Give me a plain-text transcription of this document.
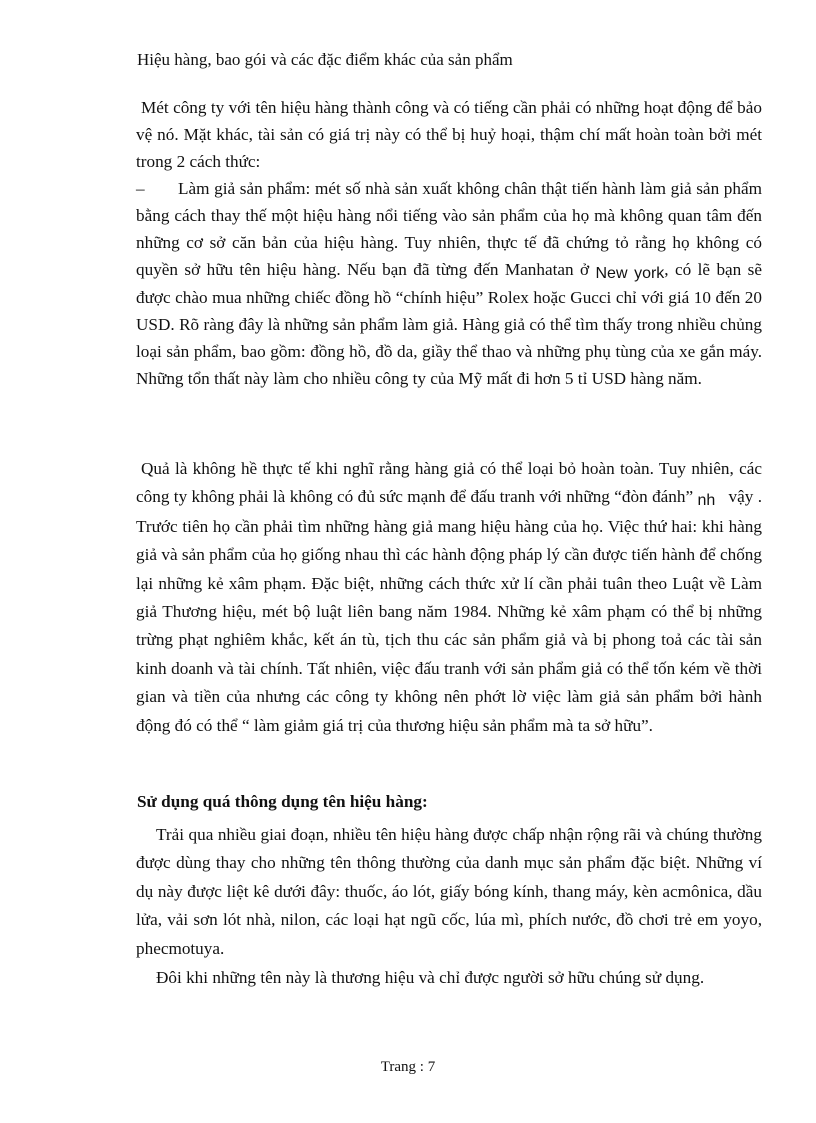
Hiệu hàng, bao gói và các đặc điểm khác của sản phẩm

Mét công ty với tên hiệu hàng thành công và có tiếng cần phải có những hoạt động để bảo vệ nó. Mặt khác, tài sản có giá trị này có thể bị huỷ hoại, thậm chí mất hoàn toàn bởi mét trong 2 cách thức:

– Làm giả sản phẩm: mét số nhà sản xuất không chân thật tiến hành làm giả sản phẩm bằng cách thay thế một hiệu hàng nổi tiếng vào sản phẩm của họ mà không quan tâm đến những cơ sở căn bản của hiệu hàng. Tuy nhiên, thực tế đã chứng tỏ rằng họ không có quyền sở hữu tên hiệu hàng. Nếu bạn đã từng đến Manhatan ở New york, có lẽ bạn sẽ được chào mua những chiếc đồng hồ “chính hiệu” Rolex hoặc Gucci chỉ với giá 10 đến 20 USD. Rõ ràng đây là những sản phẩm làm giả. Hàng giả có thể tìm thấy trong nhiều chủng loại sản phẩm, bao gồm: đồng hồ, đồ da, giầy thể thao và những phụ tùng của xe gắn máy. Những tổn thất này làm cho nhiều công ty của Mỹ mất đi hơn 5 tỉ USD hàng năm.

Quả là không hề thực tế khi nghĩ rằng hàng giả có thể loại bỏ hoàn toàn. Tuy nhiên, các công ty không phải là không có đủ sức mạnh để đấu tranh với những “đòn đánh” nh vậy . Trước tiên họ cần phải tìm những hàng giả mang hiệu hàng của họ. Việc thứ hai: khi hàng giả và sản phẩm của họ giống nhau thì các hành động pháp lý cần được tiến hành để chống lại những kẻ xâm phạm. Đặc biệt, những cách thức xử lí cần phải tuân theo Luật về Làm giả Thương hiệu, mét bộ luật liên bang năm 1984. Những kẻ xâm phạm có thể bị những trừng phạt nghiêm khắc, kết án tù, tịch thu các sản phẩm giả và bị phong toả các tài sản kinh doanh và tài chính. Tất nhiên, việc đấu tranh với sản phẩm giả có thể tốn kém về thời gian và tiền của nhưng các công ty không nên phớt lờ việc làm giả sản phẩm bởi hành động đó có thể “ làm giảm giá trị của thương hiệu sản phẩm mà ta sở hữu”.

Sử dụng quá thông dụng tên hiệu hàng:

Trải qua nhiều giai đoạn, nhiều tên hiệu hàng được chấp nhận rộng rãi và chúng thường được dùng thay cho những tên thông thường của danh mục sản phẩm đặc biệt. Những ví dụ này được liệt kê dưới đây: thuốc, áo lót, giấy bóng kính, thang máy, kèn acmônica, dầu lửa, vải sơn lót nhà, nilon, các loại hạt ngũ cốc, lúa mì, phích nước, đồ chơi trẻ em yoyo, phecmotuya.

Đôi khi những tên này là thương hiệu và chỉ được người sở hữu chúng sử dụng.

Trang : 7
